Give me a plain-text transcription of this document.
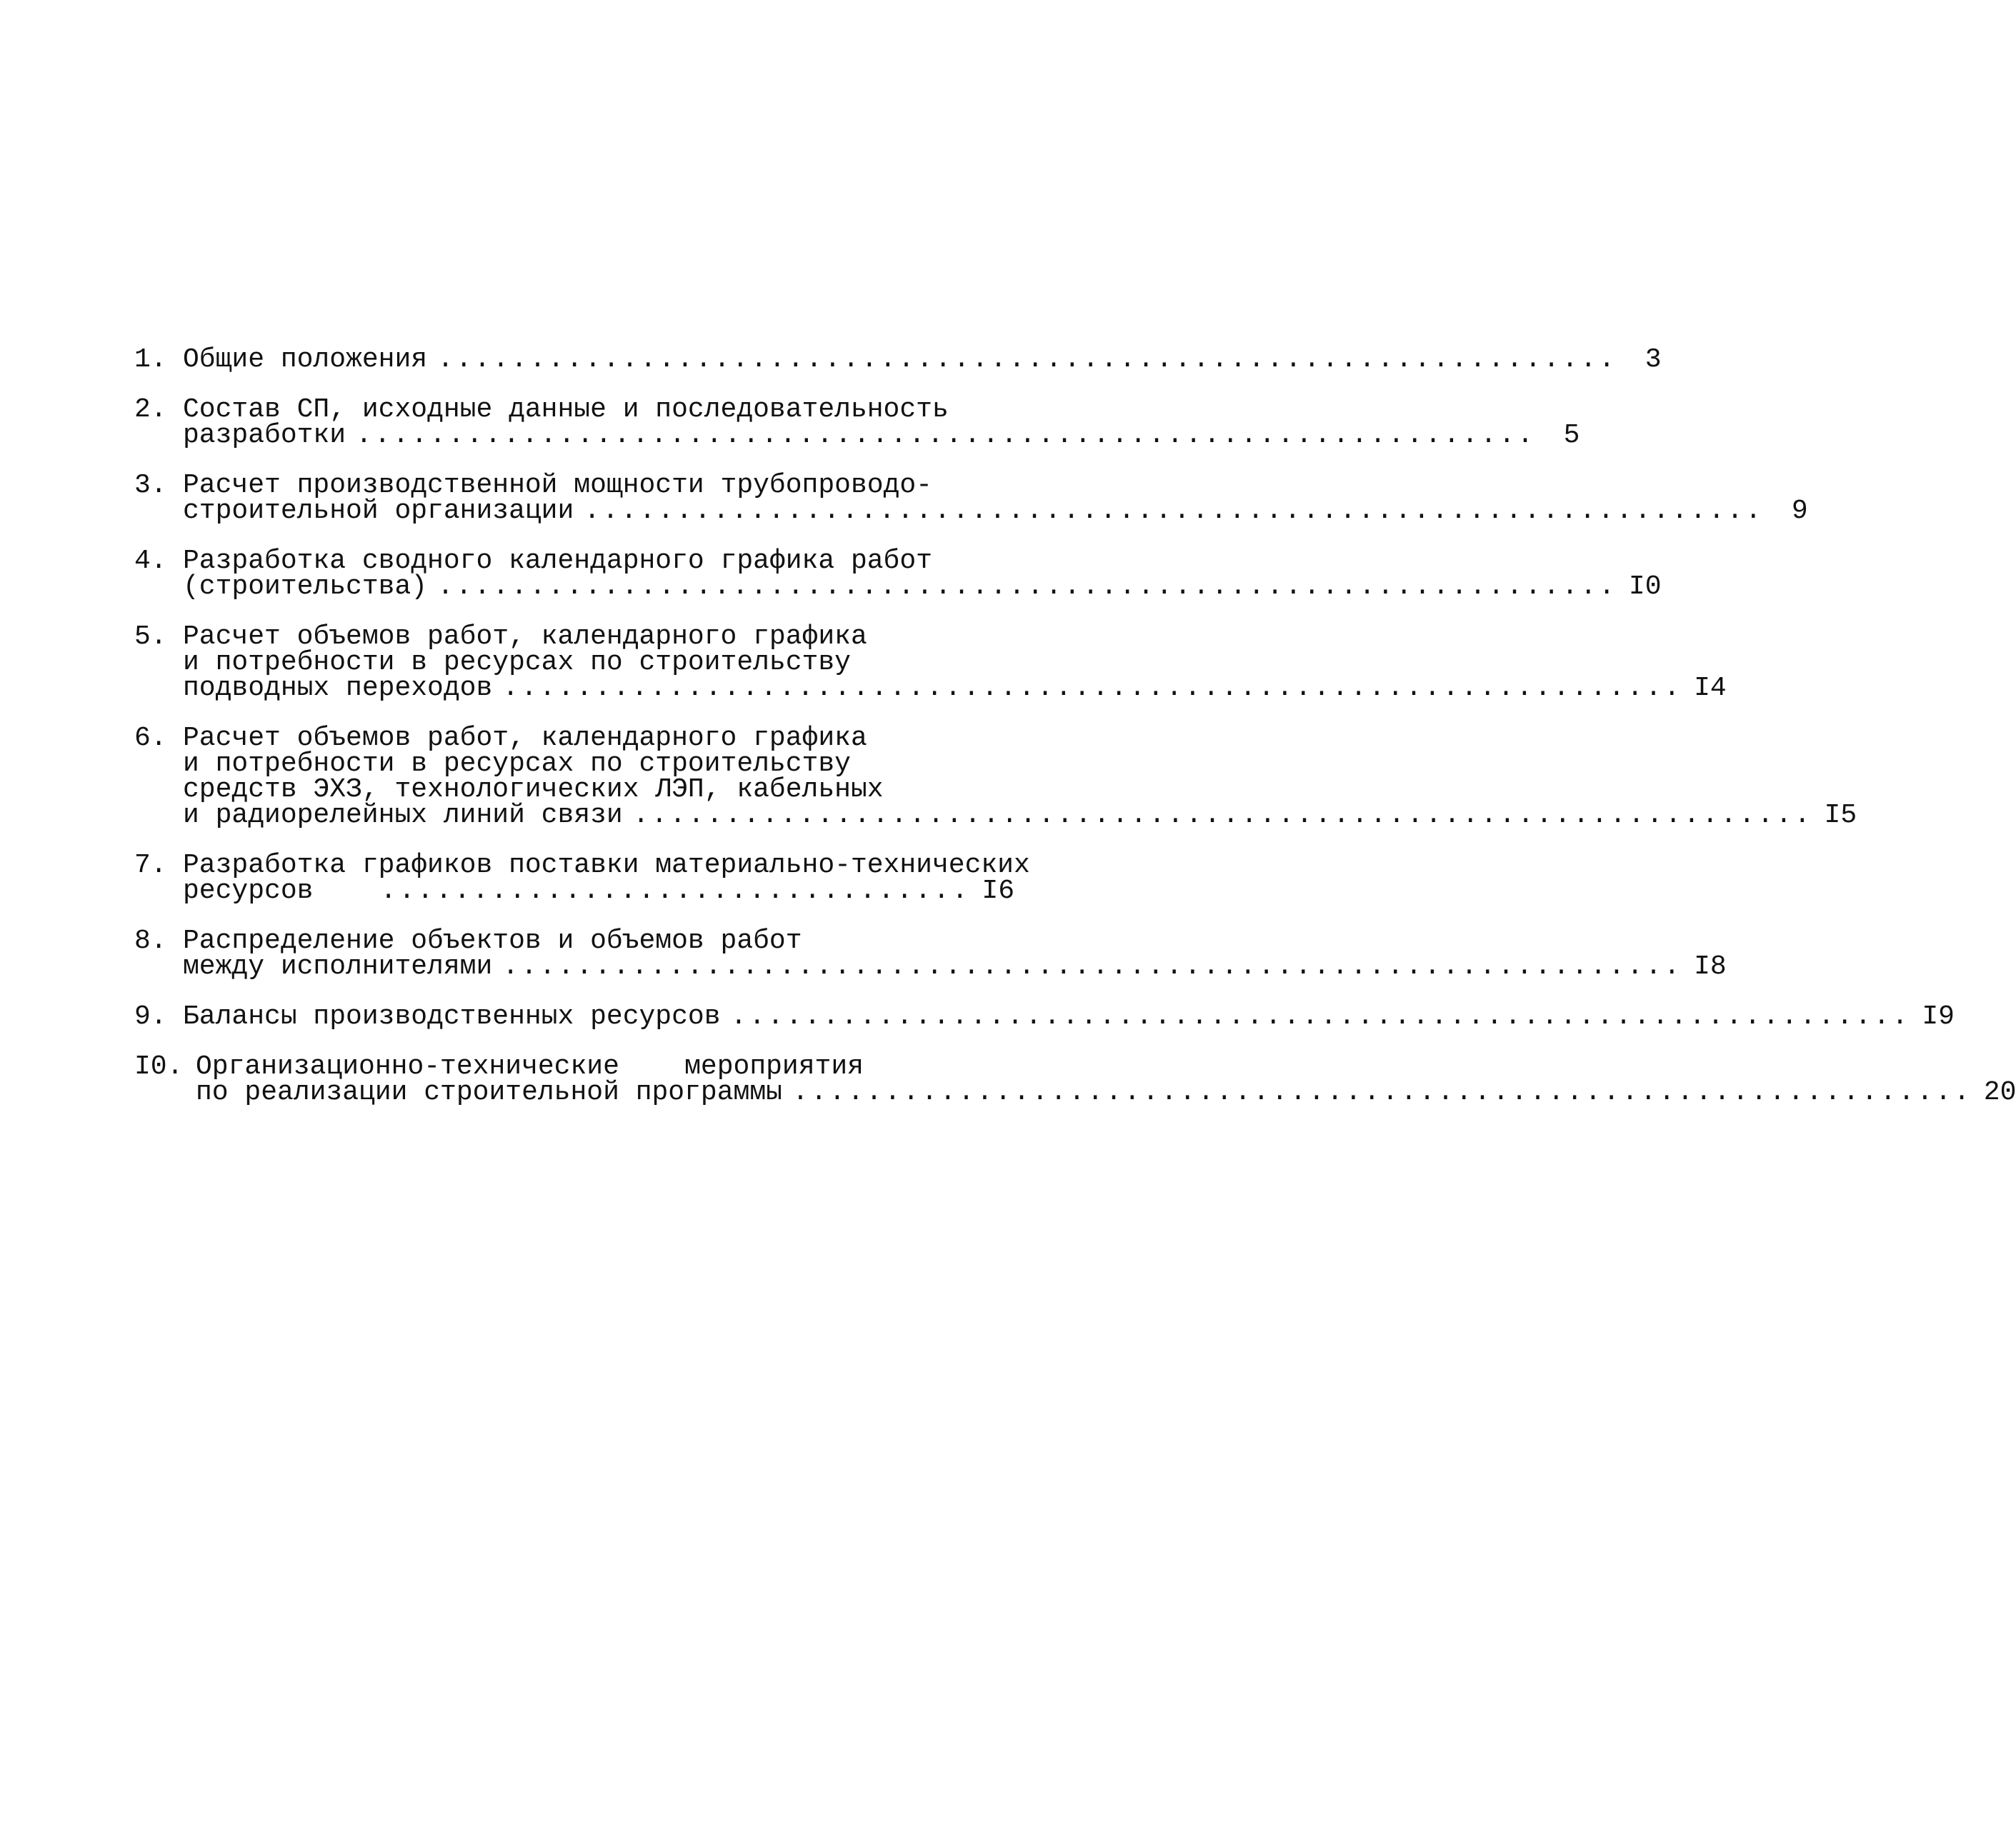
1. Общие положения ................................................................	3
2. Состав СП, исходные данные и последовательность
разработки ................................................................	5
3. Расчет производственной мощности трубопроводо-
строительной организации ................................................................	9
4. Разработка сводного календарного графика работ
(строительства) ................................................................ I0
5. Расчет объемов работ, календарного графика
и потребности в ресурсах по строительству
подводных переходов ................................................................ I4
6. Расчет объемов работ, календарного графика
и потребности в ресурсах по строительству
средств ЭХЗ, технологических ЛЭП, кабельных
и радиорелейных линий связи ................................................................ I5
7. Разработка графиков поставки материально-технических
ресурсов ................................ I6
8. Распределение объектов и объемов работ
между исполнителями ................................................................ I8
9. Балансы производственных ресурсов ................................................................ I9
I0. Организационно-технические    мероприятия
по реализации строительной программы ................................................................ 20
